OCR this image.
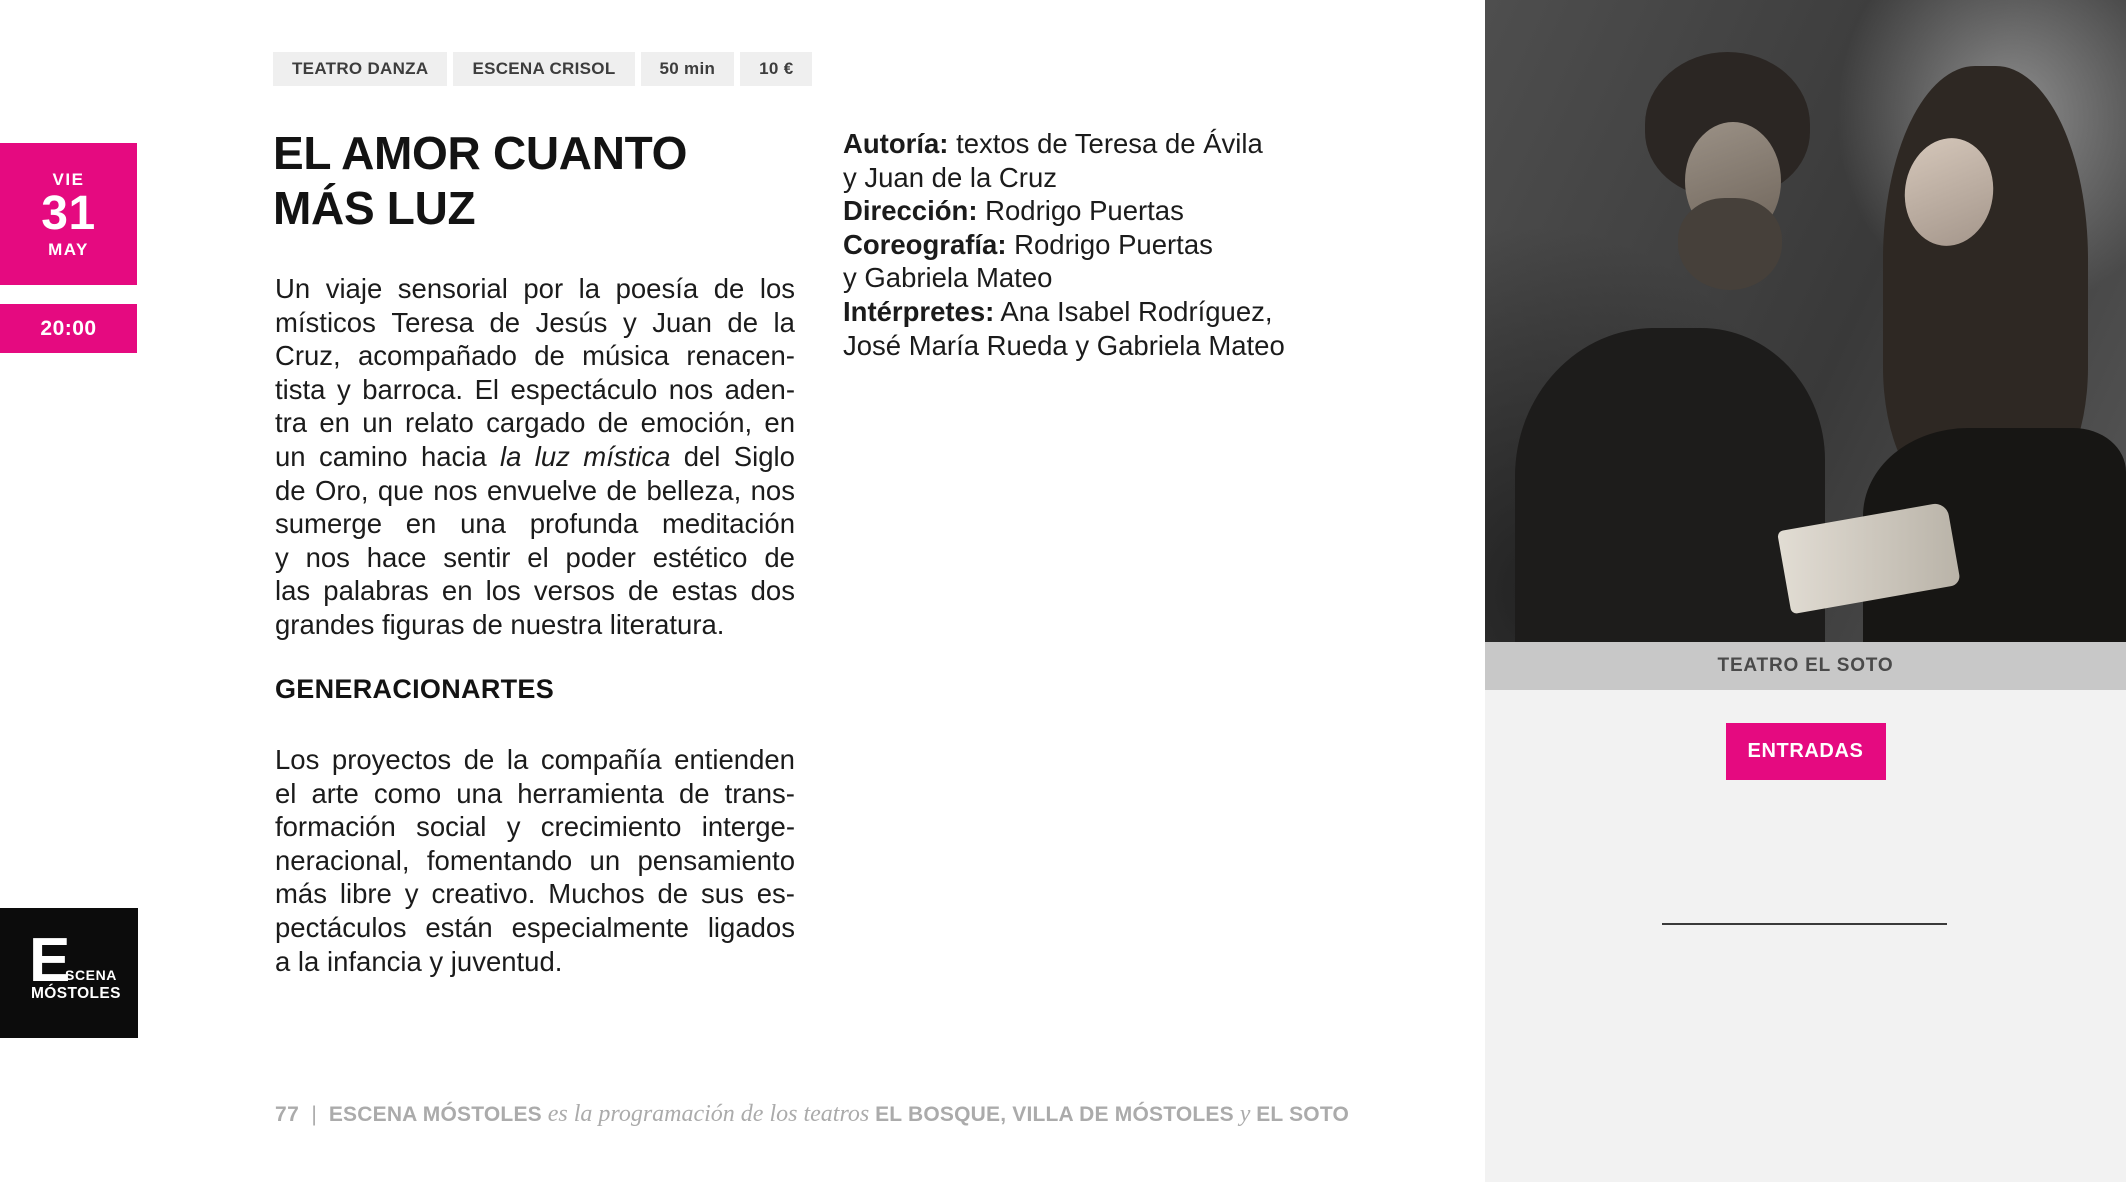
VIE
31
MAY
20:00
TEATRO DANZA	ESCENA CRISOL	50 min	10 €
EL AMOR CUANTO
MÁS LUZ
Un viaje sensorial por la poesía de los
místicos Teresa de Jesús y Juan de la
Cruz, acompañado de música renacen-
tista y barroca. El espectáculo nos aden-
tra en un relato cargado de emoción, en
un camino hacia la luz mística del Siglo
de Oro, que nos envuelve de belleza, nos
sumerge en una profunda meditación
y nos hace sentir el poder estético de
las palabras en los versos de estas dos
grandes figuras de nuestra literatura.
GENERACIONARTES
Los proyectos de la compañía entienden
el arte como una herramienta de trans-
formación social y crecimiento interge-
neracional, fomentando un pensamiento
más libre y creativo. Muchos de sus es-
pectáculos están especialmente ligados
a la infancia y juventud.
Autoría: textos de Teresa de Ávila
y Juan de la Cruz
Dirección: Rodrigo Puertas
Coreografía: Rodrigo Puertas
y Gabriela Mateo
Intérpretes: Ana Isabel Rodríguez,
José María Rueda y Gabriela Mateo
TEATRO EL SOTO
ENTRADAS
E
SCENA
MÓSTOLES
77 | ESCENA MÓSTOLES es la programación de los teatros EL BOSQUE, VILLA DE MÓSTOLES y EL SOTO
